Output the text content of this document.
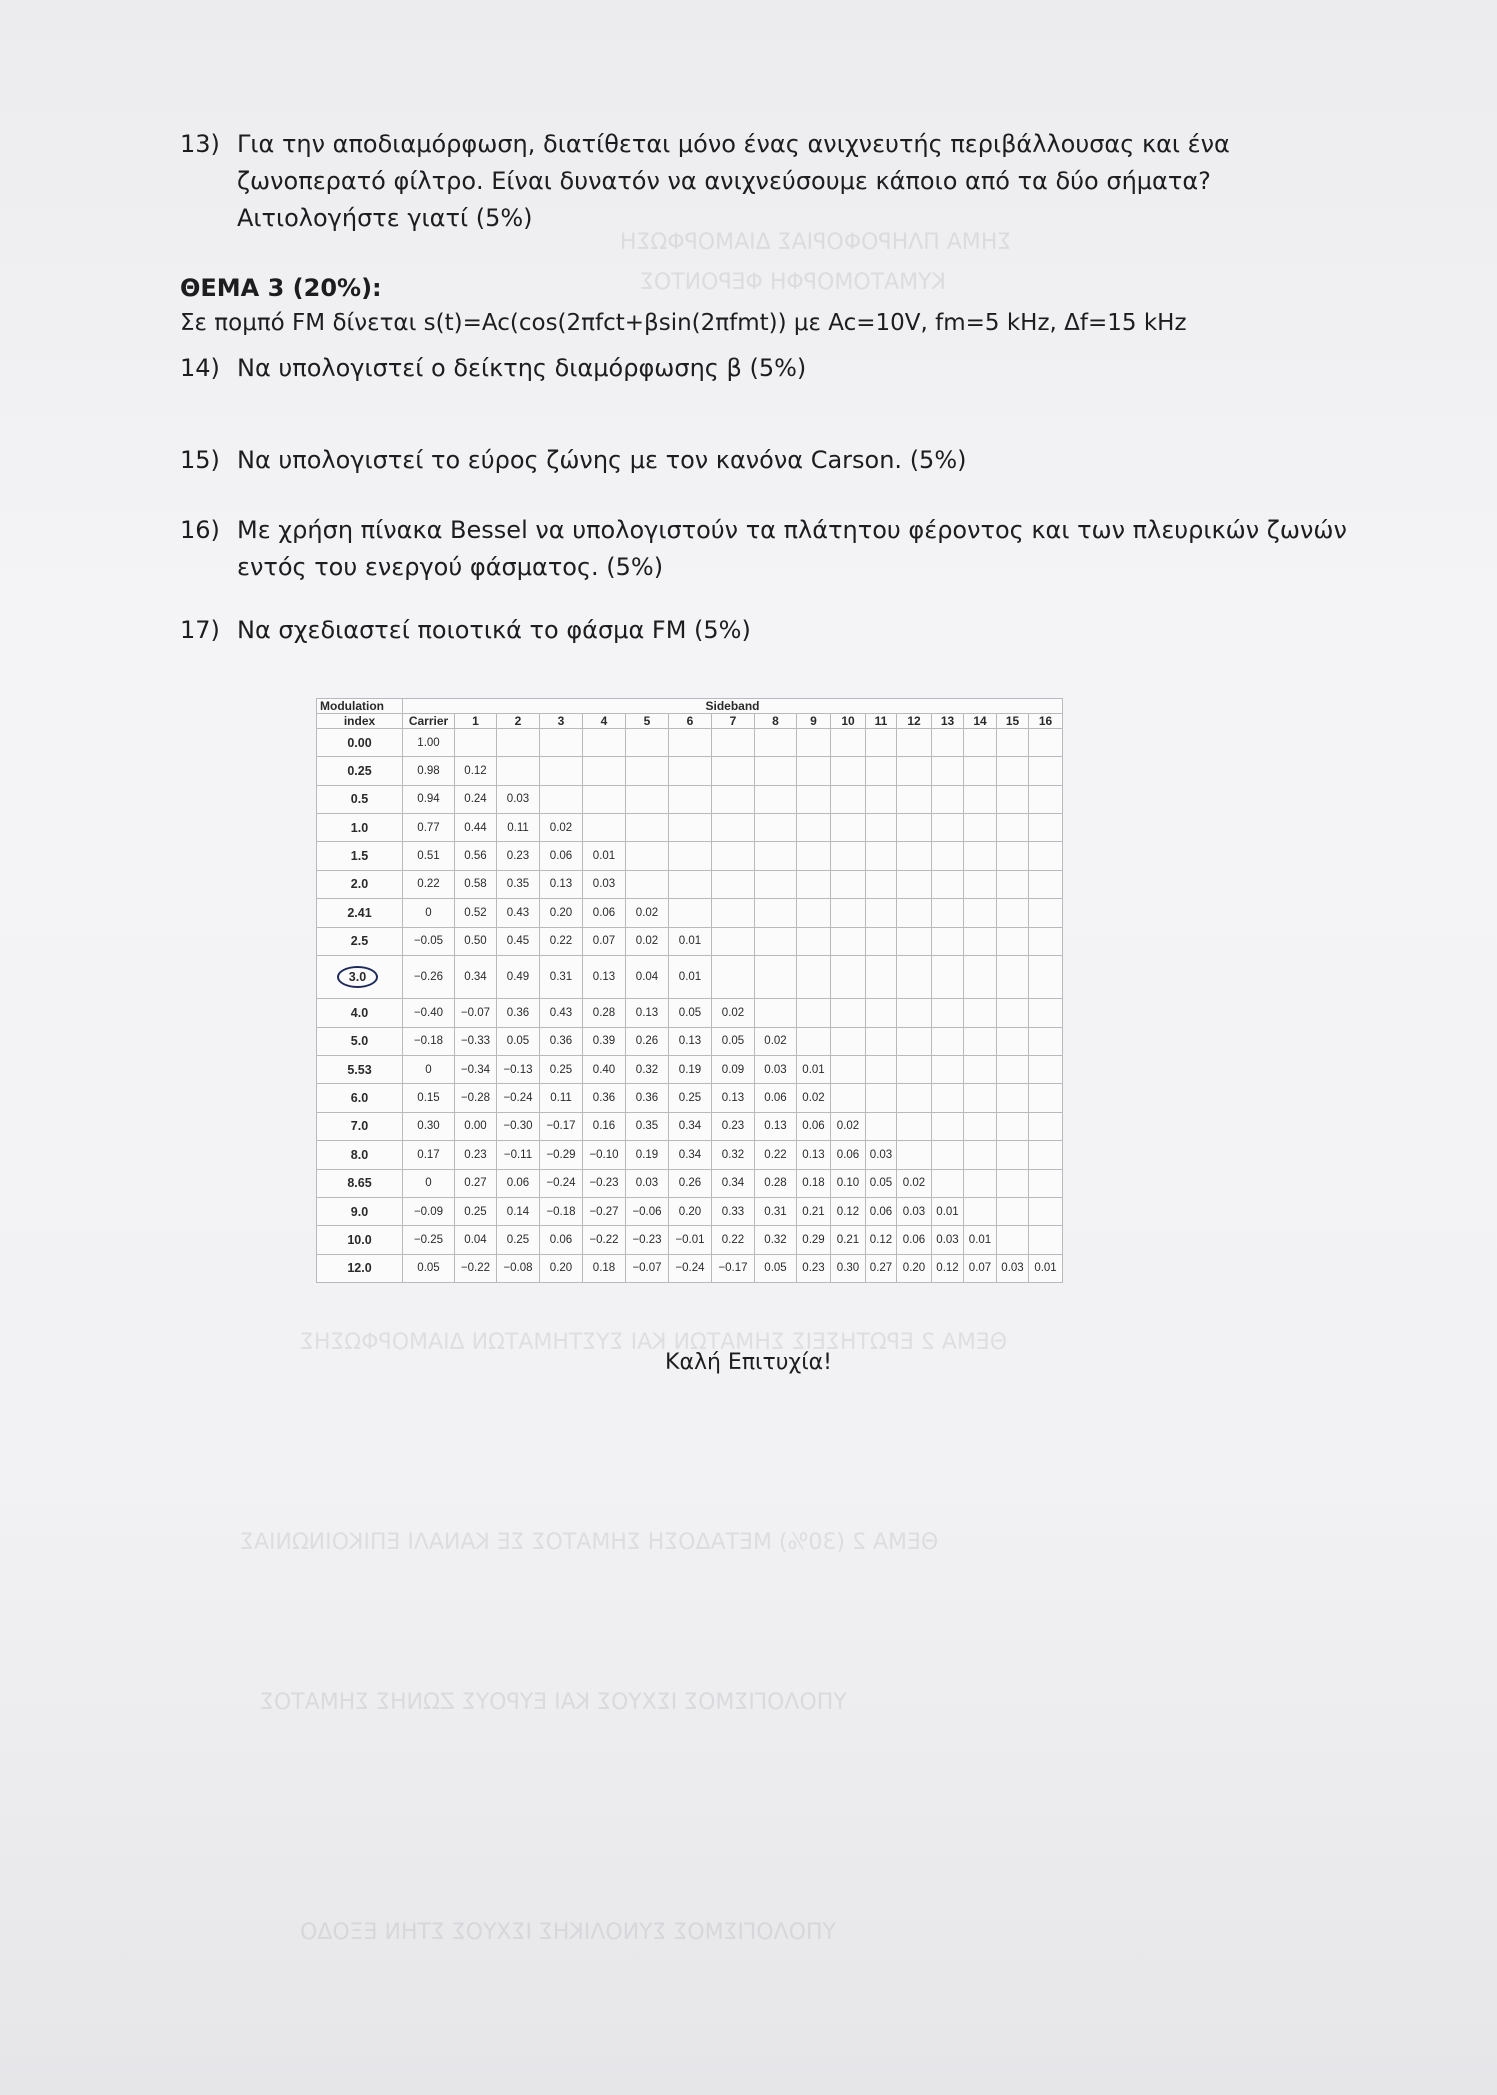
ΣΗΜΑ ΠΛΗΡΟΦΟΡΙΑΣ ΔΙΑΜΟΡΦΩΣΗ
ΚΥΜΑΤΟΜΟΡΦΗ ΦΕΡΟΝΤΟΣ
ΘΕΜΑ 2 ΕΡΩΤΗΣΕΙΣ ΣΗΜΑΤΩΝ ΚΑΙ ΣΥΣΤΗΜΑΤΩΝ ΔΙΑΜΟΡΦΩΣΗΣ
ΘΕΜΑ 2 (30%) ΜΕΤΑΔΟΣΗ ΣΗΜΑΤΟΣ ΣΕ ΚΑΝΑΛΙ ΕΠΙΚΟΙΝΩΝΙΑΣ
ΥΠΟΛΟΓΙΣΜΟΣ ΙΣΧΥΟΣ ΚΑΙ ΕΥΡΟΥΣ ΖΩΝΗΣ ΣΗΜΑΤΟΣ
ΥΠΟΛΟΓΙΣΜΟΣ ΣΥΝΟΛΙΚΗΣ ΙΣΧΥΟΣ ΣΤΗΝ ΕΞΟΔΟ
13) Για την αποδιαμόρφωση, διατίθεται μόνο ένας ανιχνευτής περιβάλλουσας και ένα ζωνοπερατό φίλτρο. Είναι δυνατόν να ανιχνεύσουμε κάποιο από τα δύο σήματα? Αιτιολογήστε γιατί (5%)
ΘΕΜΑ 3 (20%):
Σε πομπό FM δίνεται s(t)=Ac(cos(2πfct+βsin(2πfmt)) με Ac=10V, fm=5 kHz, Δf=15 kHz
14) Να υπολογιστεί ο δείκτης διαμόρφωσης β (5%)
15) Να υπολογιστεί το εύρος ζώνης με τον κανόνα Carson. (5%)
16) Με χρήση πίνακα Bessel να υπολογιστούν τα πλάτητου φέροντος και των πλευρικών ζωνών εντός του ενεργού φάσματος. (5%)
17) Να σχεδιαστεί ποιοτικά το φάσμα FM (5%)
Modulation	Sideband																
index	Carrier	1	2	3	4	5	6	7	8	9	10	11	12	13	14	15	16
0.00	1.00																
0.25	0.98	0.12															
0.5	0.94	0.24	0.03														
1.0	0.77	0.44	0.11	0.02													
1.5	0.51	0.56	0.23	0.06	0.01												
2.0	0.22	0.58	0.35	0.13	0.03												
2.41	0	0.52	0.43	0.20	0.06	0.02											
2.5	−0.05	0.50	0.45	0.22	0.07	0.02	0.01										
3.0	−0.26	0.34	0.49	0.31	0.13	0.04	0.01										
4.0	−0.40	−0.07	0.36	0.43	0.28	0.13	0.05	0.02									
5.0	−0.18	−0.33	0.05	0.36	0.39	0.26	0.13	0.05	0.02								
5.53	0	−0.34	−0.13	0.25	0.40	0.32	0.19	0.09	0.03	0.01							
6.0	0.15	−0.28	−0.24	0.11	0.36	0.36	0.25	0.13	0.06	0.02							
7.0	0.30	0.00	−0.30	−0.17	0.16	0.35	0.34	0.23	0.13	0.06	0.02						
8.0	0.17	0.23	−0.11	−0.29	−0.10	0.19	0.34	0.32	0.22	0.13	0.06	0.03					
8.65	0	0.27	0.06	−0.24	−0.23	0.03	0.26	0.34	0.28	0.18	0.10	0.05	0.02				
9.0	−0.09	0.25	0.14	−0.18	−0.27	−0.06	0.20	0.33	0.31	0.21	0.12	0.06	0.03	0.01			
10.0	−0.25	0.04	0.25	0.06	−0.22	−0.23	−0.01	0.22	0.32	0.29	0.21	0.12	0.06	0.03	0.01		
12.0	0.05	−0.22	−0.08	0.20	0.18	−0.07	−0.24	−0.17	0.05	0.23	0.30	0.27	0.20	0.12	0.07	0.03	0.01
Καλή Επιτυχία!
